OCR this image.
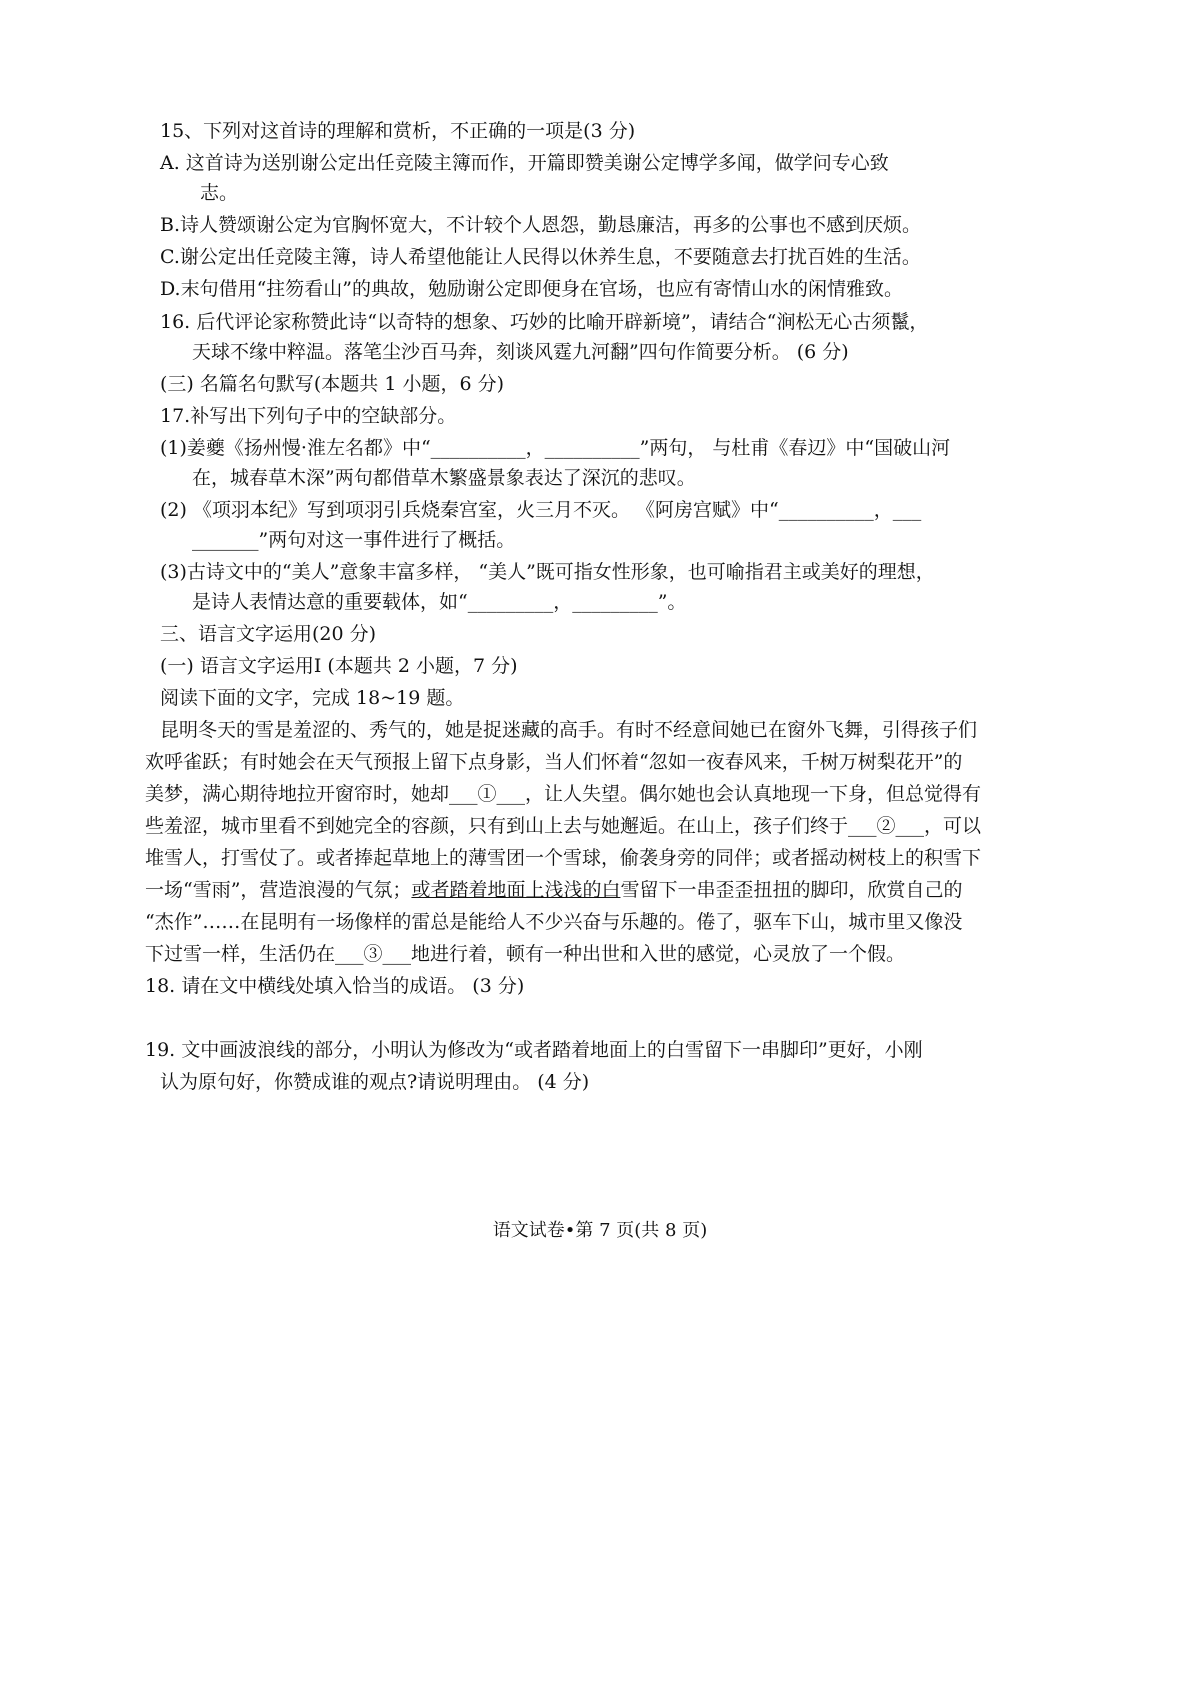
15、下列对这首诗的理解和赏析，不正确的一项是(3 分)
A. 这首诗为送别谢公定出任竞陵主簿而作，开篇即赞美谢公定博学多闻，做学问专心致
志。
B.诗人赞颂谢公定为官胸怀宽大，不计较个人恩怨，勤恳廉洁，再多的公事也不感到厌烦。
C.谢公定出任竞陵主簿，诗人希望他能让人民得以休养生息，不要随意去打扰百姓的生活。
D.末句借用“拄笏看山”的典故，勉励谢公定即便身在官场，也应有寄情山水的闲情雅致。
16. 后代评论家称赞此诗“以奇特的想象、巧妙的比喻开辟新境”，请结合“涧松无心古须鬣，
天球不缘中粹温。落笔尘沙百马奔，刻谈风霆九河翻”四句作简要分析。 (6 分)
(三) 名篇名句默写(本题共 1 小题，6 分)
17.补写出下列句子中的空缺部分。
(1)姜夔《扬州慢·淮左名都》中“__________，__________”两句， 与杜甫《春辺》中“国破山河
在，城春草木深”两句都借草木繁盛景象表达了深沉的悲叹。
(2) 《项羽本纪》写到项羽引兵烧秦宫室，火三月不灭。 《阿房宫赋》中“__________，___
_______”两句对这一事件进行了概括。
(3)古诗文中的“美人”意象丰富多样， “美人”既可指女性形象，也可喻指君主或美好的理想，
是诗人表情达意的重要载体，如“_________，_________”。
三、语言文字运用(20 分)
(一) 语言文字运用Ⅰ (本题共 2 小题，7 分)
阅读下面的文字，完成 18~19 题。
昆明冬天的雪是羞涩的、秀气的，她是捉迷藏的高手。有时不经意间她已在窗外飞舞，引得孩子们
欢呼雀跃；有时她会在天气预报上留下点身影，当人们怀着“忽如一夜春风来，千树万树梨花开”的
美梦，满心期待地拉开窗帘时，她却___①___，让人失望。偶尔她也会认真地现一下身，但总觉得有
些羞涩，城市里看不到她完全的容颜，只有到山上去与她邂逅。在山上，孩子们终于___②___，可以
堆雪人，打雪仗了。或者捧起草地上的薄雪团一个雪球，偷袭身旁的同伴；或者摇动树枝上的积雪下
一场“雪雨”，营造浪漫的气氛；或者踏着地面上浅浅的白雪留下一串歪歪扭扭的脚印，欣赏自己的
“杰作”……在昆明有一场像样的雷总是能给人不少兴奋与乐趣的。倦了，驱车下山，城市里又像没
下过雪一样，生活仍在___③___地进行着，顿有一种出世和入世的感觉，心灵放了一个假。
18. 请在文中横线处填入恰当的成语。 (3 分)
19. 文中画波浪线的部分，小明认为修改为“或者踏着地面上的白雪留下一串脚印”更好，小刚
认为原句好，你赞成谁的观点?请说明理由。 (4 分)
语文试卷•第 7 页(共 8 页)
